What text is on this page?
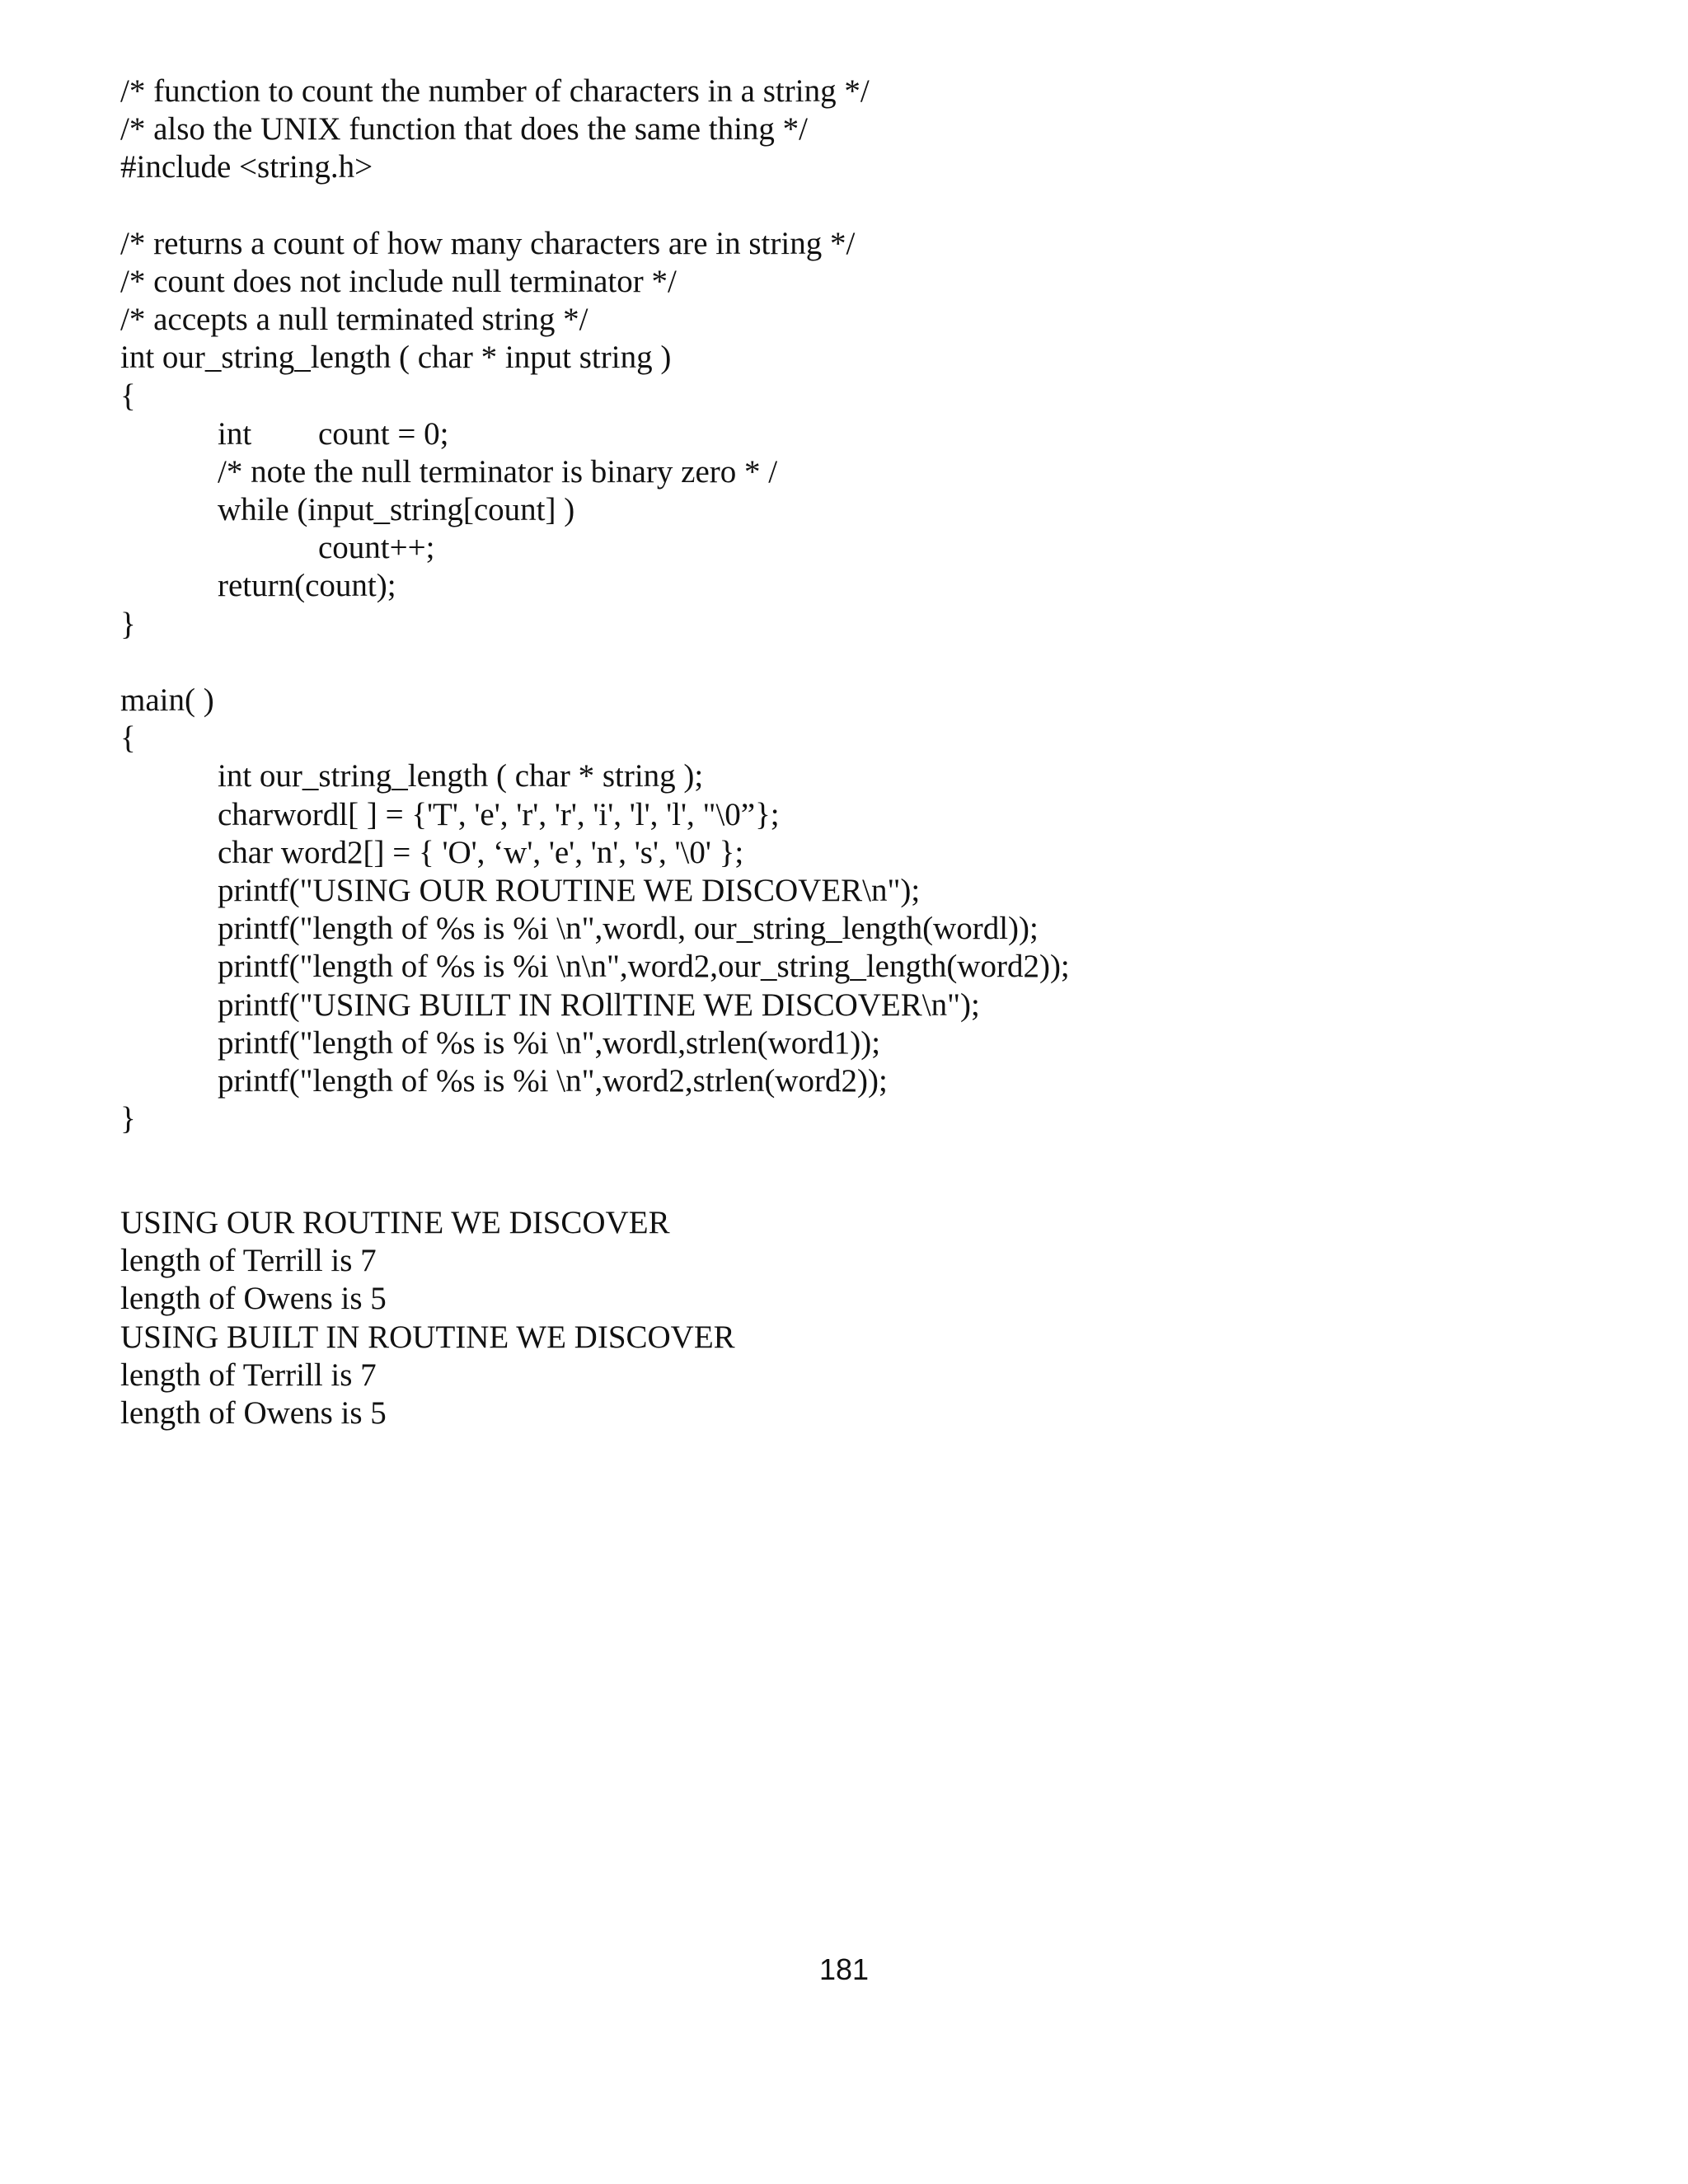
/* function to count the number of characters in a string */
/* also the UNIX function that does the same thing */
#include <string.h>
/* returns a count of how many characters are in string */
/* count does not include null terminator */
/* accepts a null terminated string */
int our_string_length ( char * input string )
{
int count = 0;
/* note the null terminator is binary zero * /
while (input_string[count] )
count++;
return(count);
}
main( )
{
int our_string_length ( char * string );
charwordl[ ] = {'T', 'e', 'r', 'r', 'i', 'l', 'l', "\0”};
char word2[] = { 'O', ‘w', 'e', 'n', 's', '\0' };
printf("USING OUR ROUTINE WE DISCOVER\n");
printf("length of %s is %i \n",wordl, our_string_length(wordl));
printf("length of %s is %i \n\n",word2,our_string_length(word2));
printf("USING BUILT IN ROllTINE WE DISCOVER\n");
printf("length of %s is %i \n",wordl,strlen(word1));
printf("length of %s is %i \n",word2,strlen(word2));
}
USING OUR ROUTINE WE DISCOVER
length of Terrill is 7
length of Owens is 5
USING BUILT IN ROUTINE WE DISCOVER
length of Terrill is 7
length of Owens is 5
181
